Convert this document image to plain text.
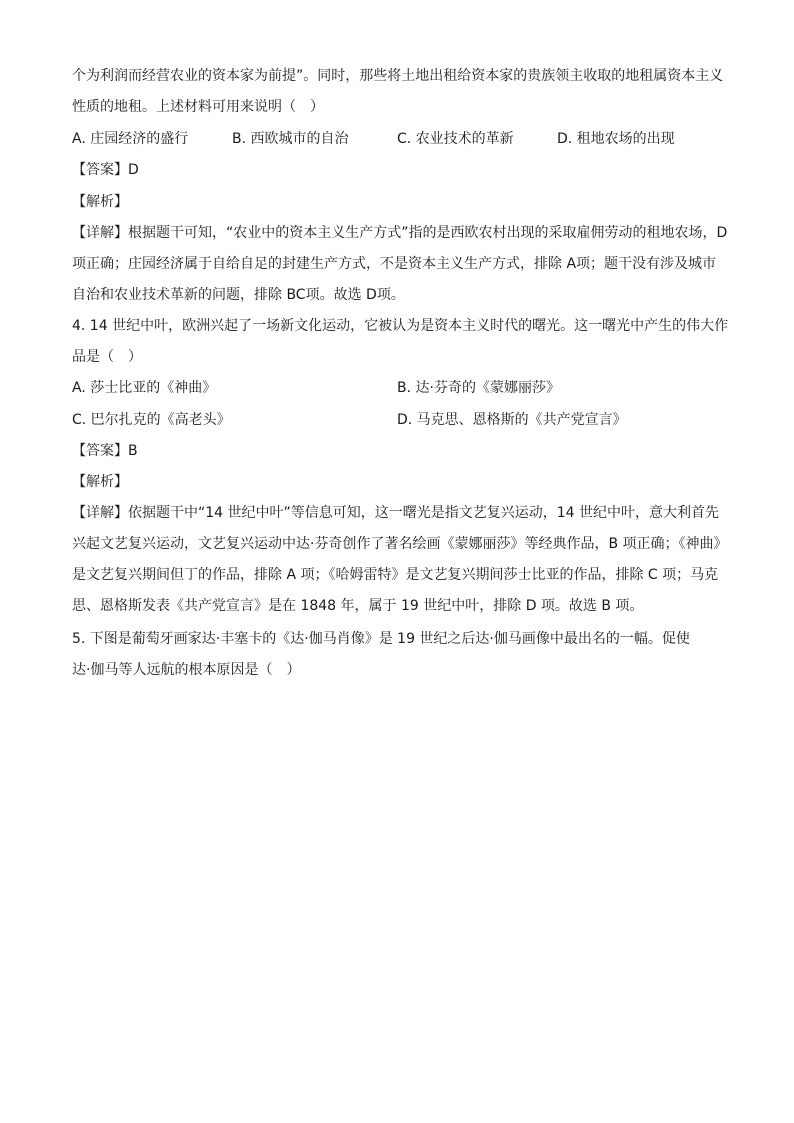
个为利润而经营农业的资本家为前提”。同时，那些将土地出租给资本家的贵族领主收取的地租属资本主义
性质的地租。上述材料可用来说明（　）
A. 庄园经济的盛行	B. 西欧城市的自治	C. 农业技术的革新	D. 租地农场的出现
【答案】D
【解析】
【详解】根据题干可知，“农业中的资本主义生产方式”指的是西欧农村出现的采取雇佣劳动的租地农场，D
项正确；庄园经济属于自给自足的封建生产方式，不是资本主义生产方式，排除 A项；题干没有涉及城市
自治和农业技术革新的问题，排除 BC项。故选 D项。
4. 14 世纪中叶，欧洲兴起了一场新文化运动，它被认为是资本主义时代的曙光。这一曙光中产生的伟大作
品是（　）
A. 莎士比亚的《神曲》	B. 达·芬奇的《蒙娜丽莎》
C. 巴尔扎克的《高老头》	D. 马克思、恩格斯的《共产党宣言》
【答案】B
【解析】
【详解】依据题干中“14 世纪中叶”等信息可知，这一曙光是指文艺复兴运动，14 世纪中叶，意大利首先
兴起文艺复兴运动，文艺复兴运动中达·芬奇创作了著名绘画《蒙娜丽莎》等经典作品，B 项正确；《神曲》
是文艺复兴期间但丁的作品，排除 A 项；《哈姆雷特》是文艺复兴期间莎士比亚的作品，排除 C 项；马克
思、恩格斯发表《共产党宣言》是在 1848 年，属于 19 世纪中叶，排除 D 项。故选 B 项。
5. 下图是葡萄牙画家达·丰塞卡的《达·伽马肖像》是 19 世纪之后达·伽马画像中最出名的一幅。促使
达·伽马等人远航的根本原因是（　）
